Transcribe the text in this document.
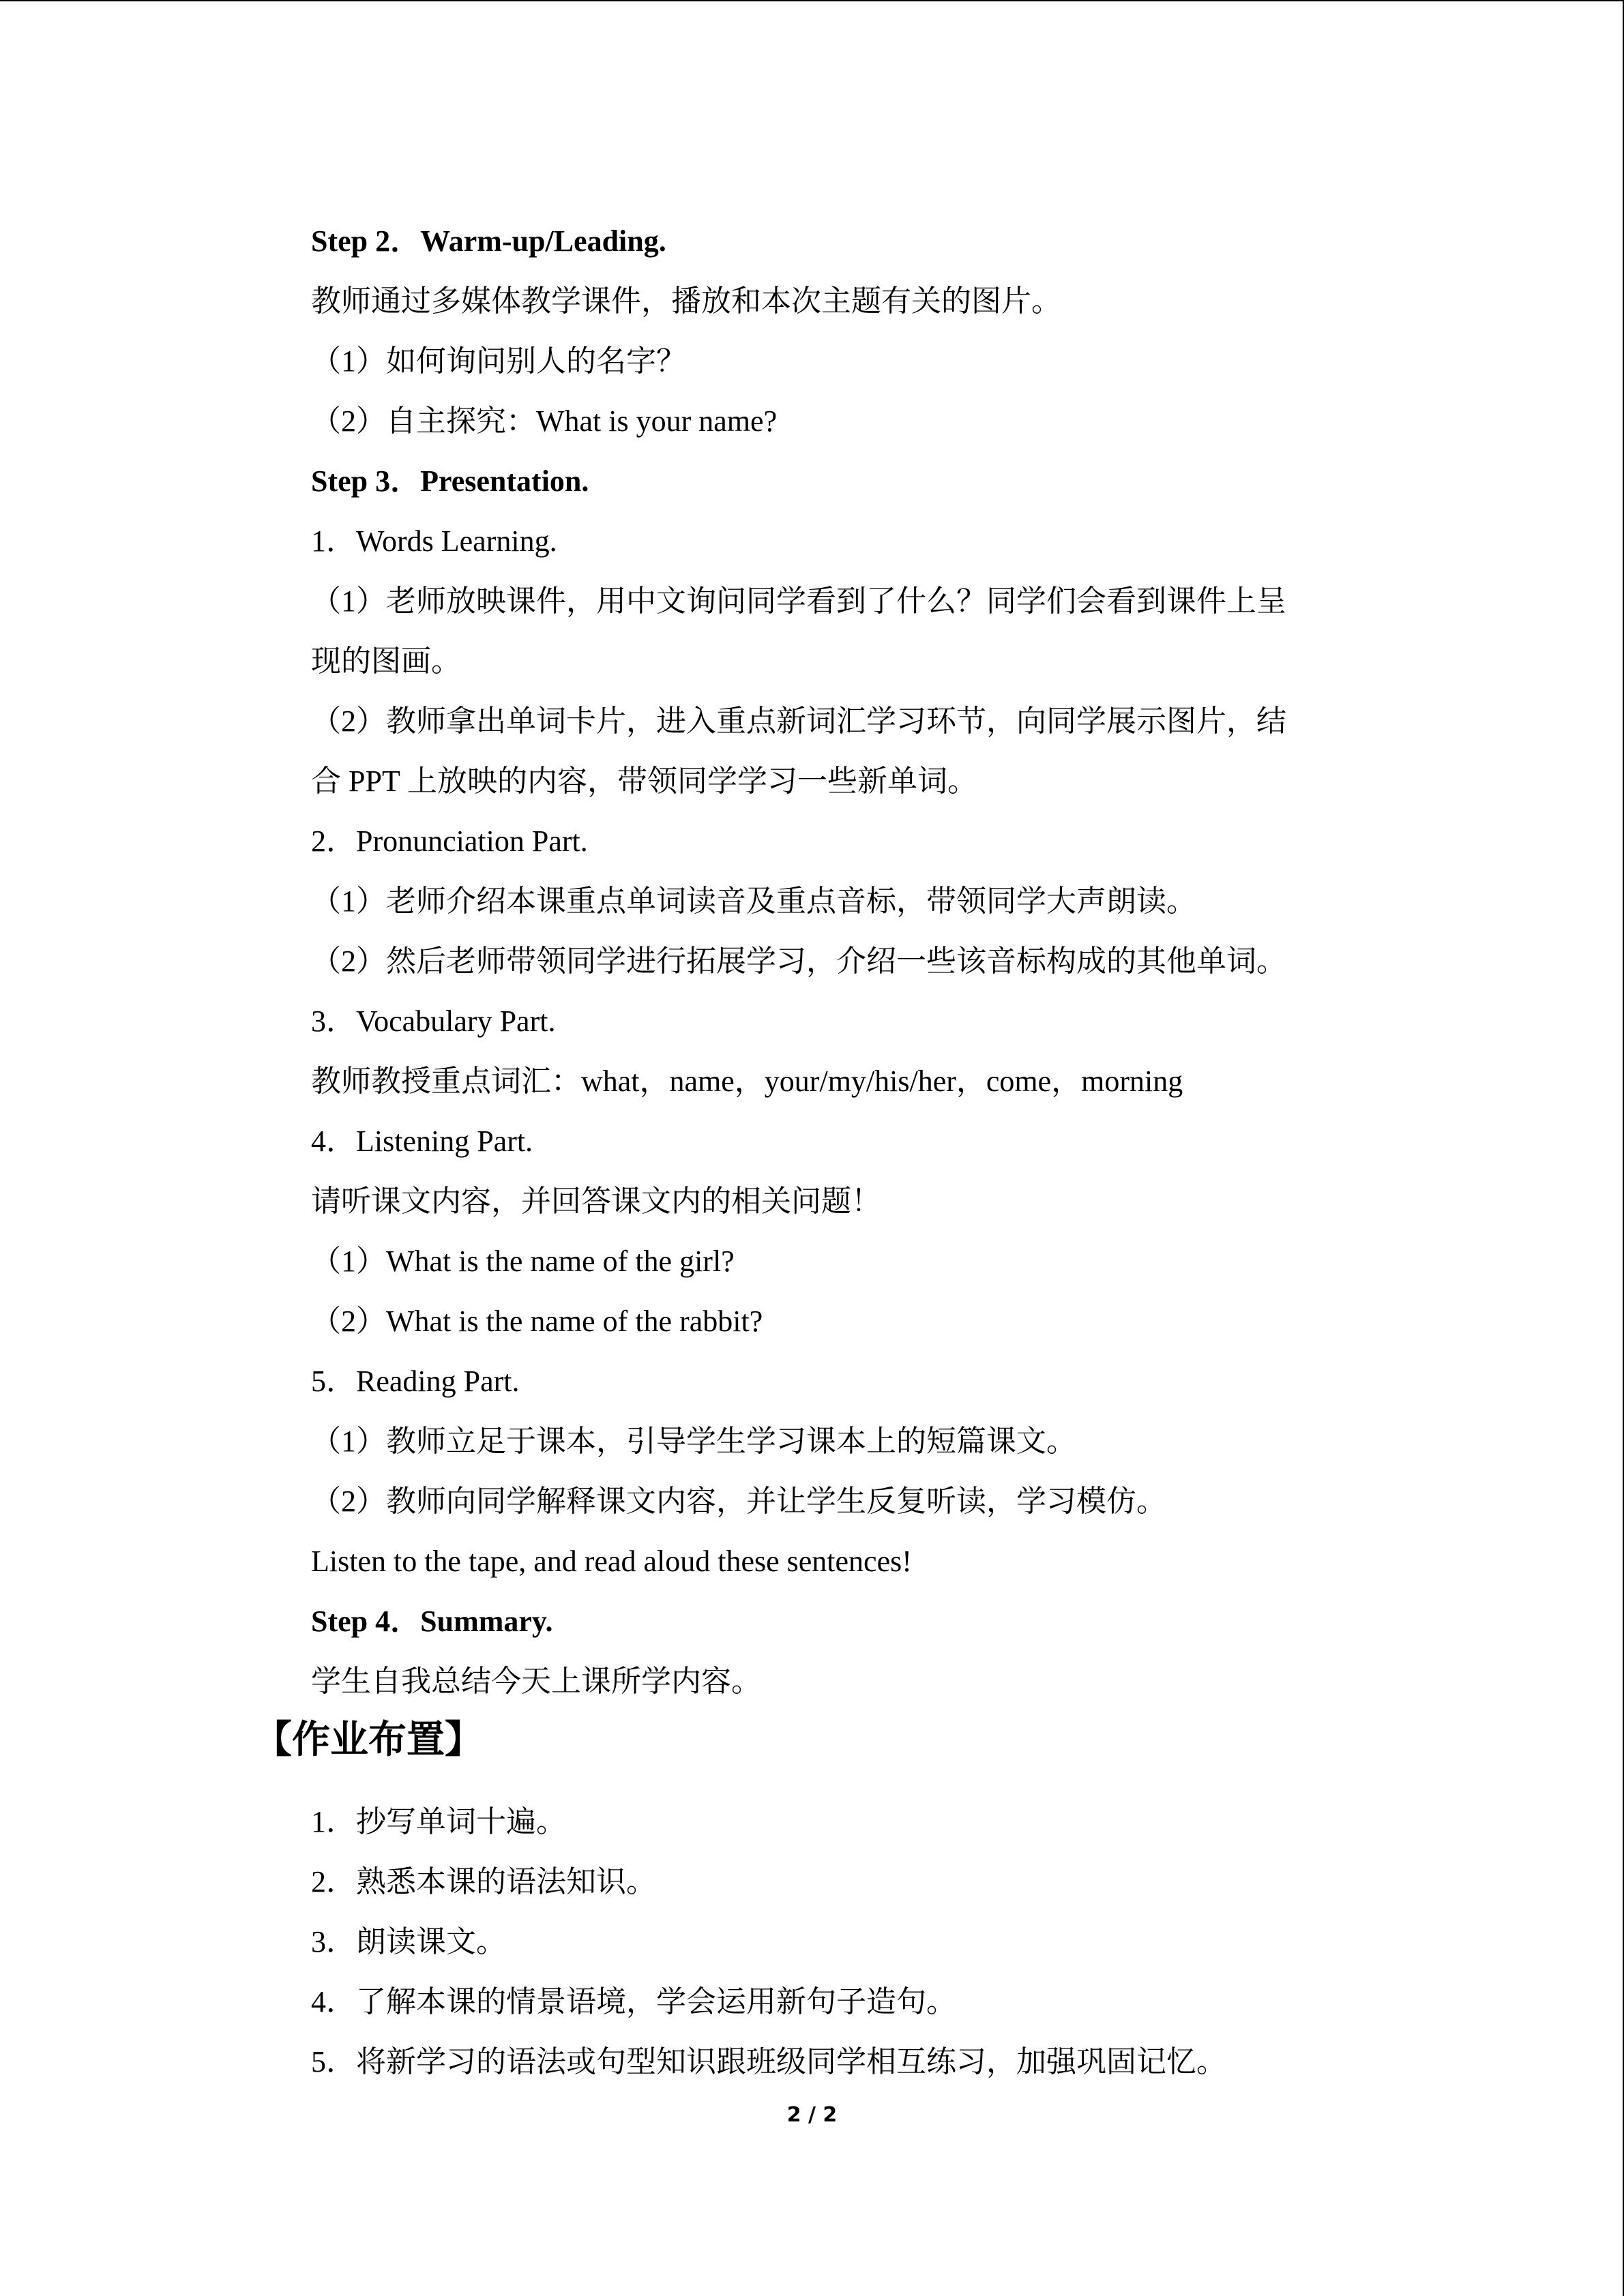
Step 2．Warm-up/Leading.
教师通过多媒体教学课件，播放和本次主题有关的图片。
（1）如何询问别人的名字？
（2）自主探究：What is your name?
Step 3．Presentation.
1．Words Learning.
（1）老师放映课件，用中文询问同学看到了什么？同学们会看到课件上呈
现的图画。
（2）教师拿出单词卡片，进入重点新词汇学习环节，向同学展示图片，结
合 PPT 上放映的内容，带领同学学习一些新单词。
2．Pronunciation Part.
（1）老师介绍本课重点单词读音及重点音标，带领同学大声朗读。
（2）然后老师带领同学进行拓展学习，介绍一些该音标构成的其他单词。
3．Vocabulary Part.
教师教授重点词汇：what，name，your/my/his/her，come，morning
4．Listening Part.
请听课文内容，并回答课文内的相关问题！
（1）What is the name of the girl?
（2）What is the name of the rabbit?
5．Reading Part.
（1）教师立足于课本，引导学生学习课本上的短篇课文。
（2）教师向同学解释课文内容，并让学生反复听读，学习模仿。
Listen to the tape, and read aloud these sentences!
Step 4．Summary.
学生自我总结今天上课所学内容。
【作业布置】
1．抄写单词十遍。
2．熟悉本课的语法知识。
3．朗读课文。
4．了解本课的情景语境，学会运用新句子造句。
5．将新学习的语法或句型知识跟班级同学相互练习，加强巩固记忆。
2 / 2
